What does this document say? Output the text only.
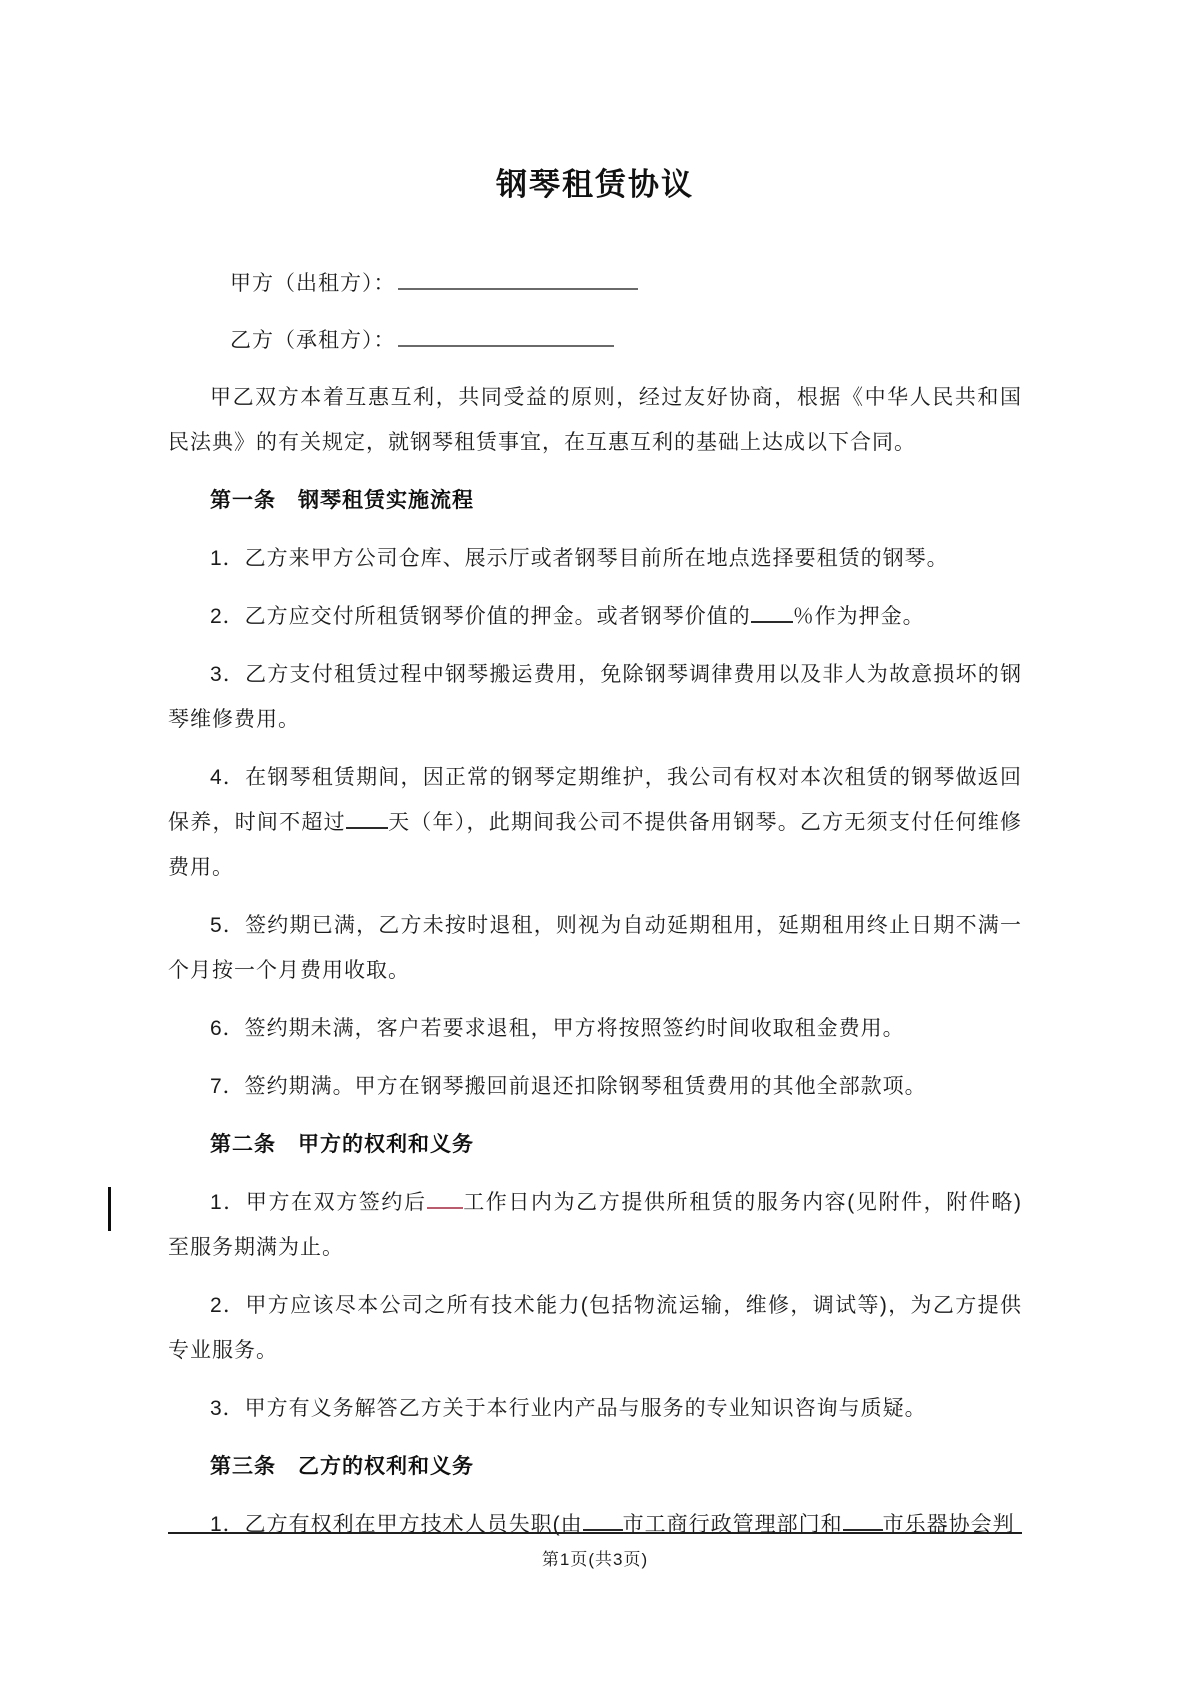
钢琴租赁协议

甲方（出租方）：

乙方（承租方）：

甲乙双方本着互惠互利，共同受益的原则，经过友好协商，根据《中华人民共和国民法典》的有关规定，就钢琴租赁事宜，在互惠互利的基础上达成以下合同。

第一条　钢琴租赁实施流程

1．乙方来甲方公司仓库、展示厅或者钢琴目前所在地点选择要租赁的钢琴。

2．乙方应交付所租赁钢琴价值的押金。或者钢琴价值的 ％作为押金。

3．乙方支付租赁过程中钢琴搬运费用，免除钢琴调律费用以及非人为故意损坏的钢琴维修费用。

4．在钢琴租赁期间，因正常的钢琴定期维护，我公司有权对本次租赁的钢琴做返回保养，时间不超过 天（年），此期间我公司不提供备用钢琴。乙方无须支付任何维修费用。

5．签约期已满，乙方未按时退租，则视为自动延期租用，延期租用终止日期不满一个月按一个月费用收取。

6．签约期未满，客户若要求退租，甲方将按照签约时间收取租金费用。

7．签约期满。甲方在钢琴搬回前退还扣除钢琴租赁费用的其他全部款项。

第二条　甲方的权利和义务

1．甲方在双方签约后 工作日内为乙方提供所租赁的服务内容(见附件，附件略)至服务期满为止。

2．甲方应该尽本公司之所有技术能力(包括物流运输，维修，调试等)，为乙方提供专业服务。

3．甲方有义务解答乙方关于本行业内产品与服务的专业知识咨询与质疑。

第三条　乙方的权利和义务

1．乙方有权利在甲方技术人员失职(由 市工商行政管理部门和 市乐器协会判

第1页(共3页)
